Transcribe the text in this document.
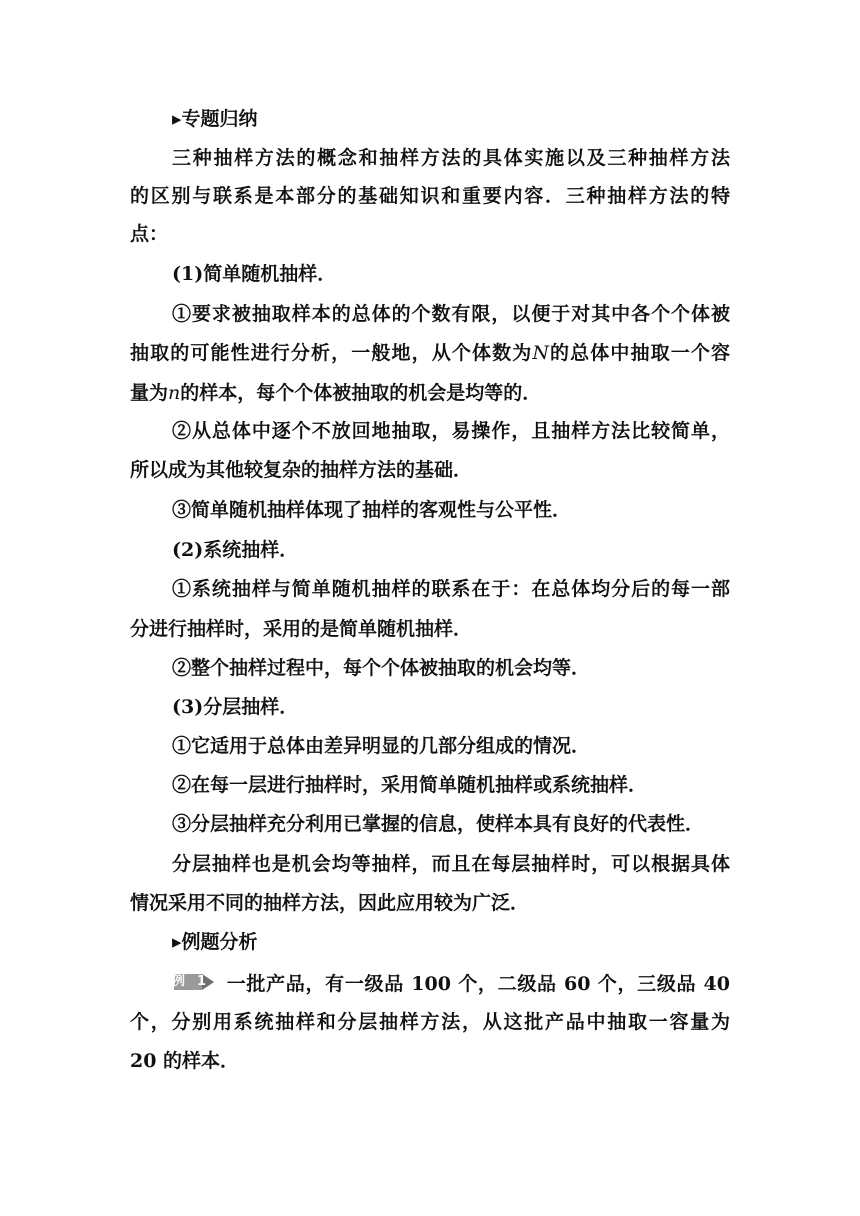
▸专题归纳
三种抽样方法的概念和抽样方法的具体实施以及三种抽样方法
的区别与联系是本部分的基础知识和重要内容．三种抽样方法的特
点：
(1)简单随机抽样．
①要求被抽取样本的总体的个数有限，以便于对其中各个个体被
抽取的可能性进行分析，一般地，从个体数为N的总体中抽取一个容
量为n的样本，每个个体被抽取的机会是均等的．
②从总体中逐个不放回地抽取，易操作，且抽样方法比较简单，
所以成为其他较复杂的抽样方法的基础．
③简单随机抽样体现了抽样的客观性与公平性．
(2)系统抽样．
①系统抽样与简单随机抽样的联系在于：在总体均分后的每一部
分进行抽样时，采用的是简单随机抽样．
②整个抽样过程中，每个个体被抽取的机会均等．
(3)分层抽样．
①它适用于总体由差异明显的几部分组成的情况．
②在每一层进行抽样时，采用简单随机抽样或系统抽样．
③分层抽样充分利用已掌握的信息，使样本具有良好的代表性．
分层抽样也是机会均等抽样，而且在每层抽样时，可以根据具体
情况采用不同的抽样方法，因此应用较为广泛．
▸例题分析
例1 一批产品，有一级品 100 个，二级品 60 个，三级品 40
个，分别用系统抽样和分层抽样方法，从这批产品中抽取一容量为
20 的样本．
